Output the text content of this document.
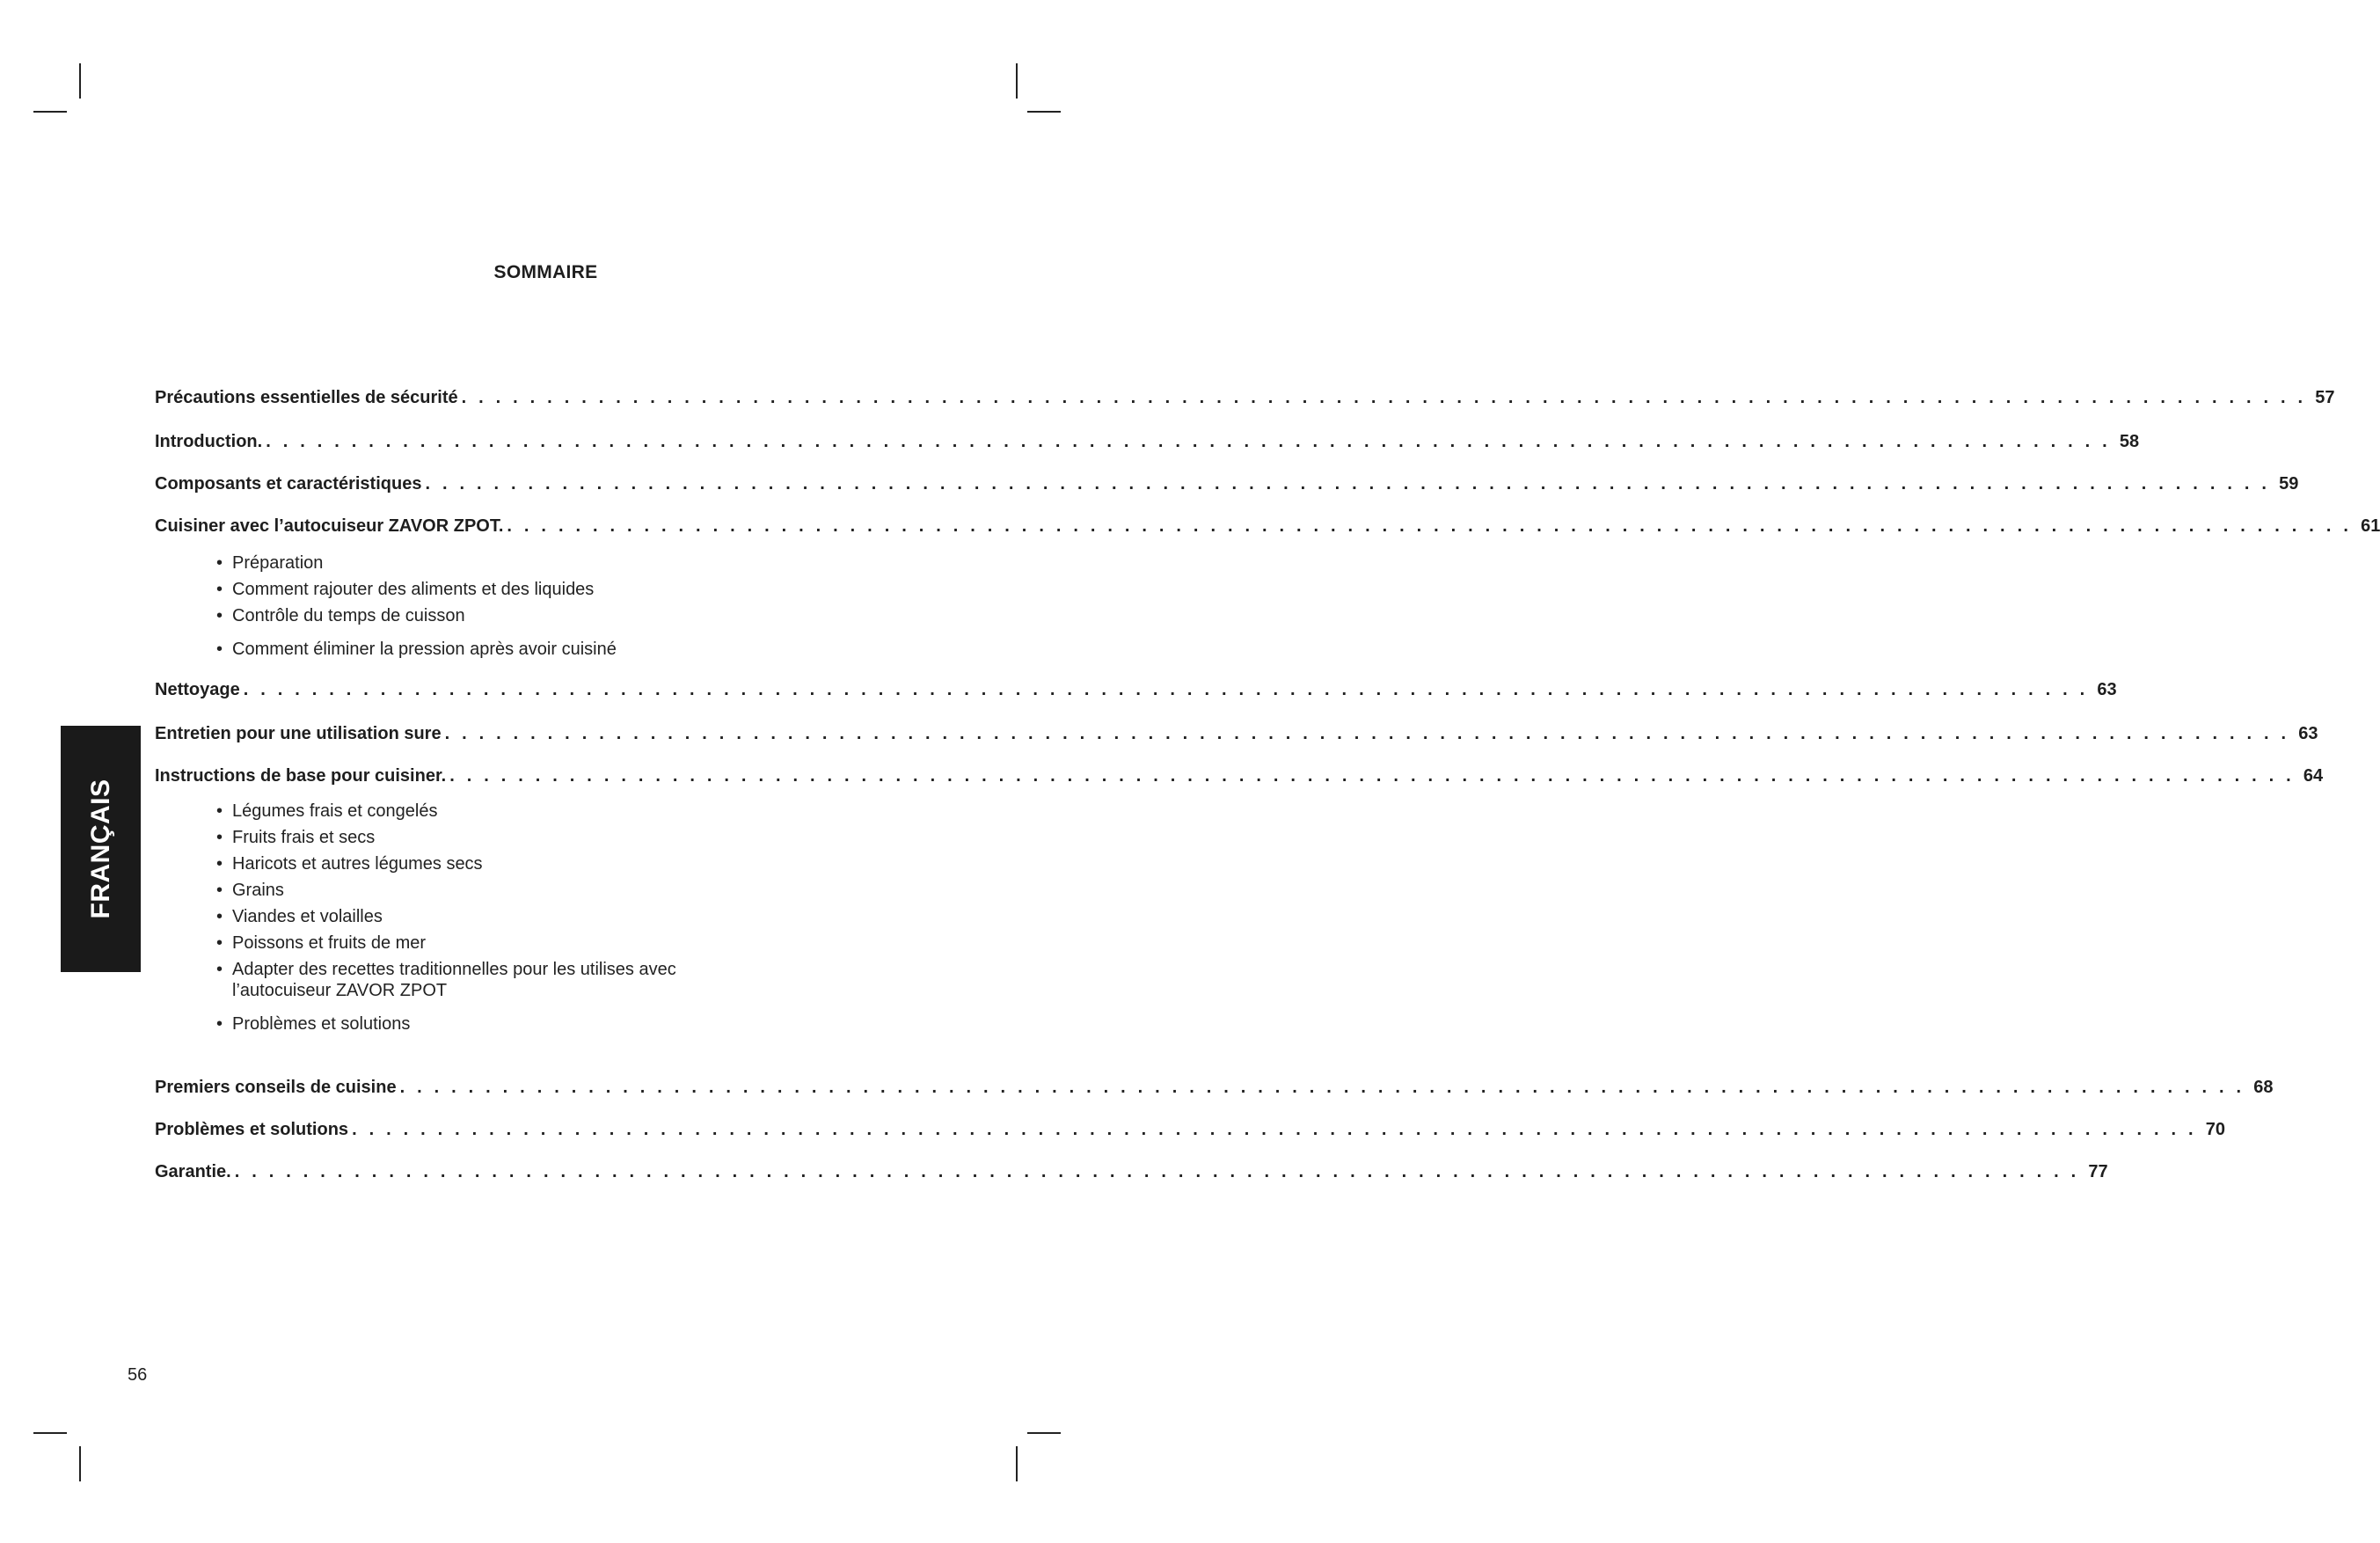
SOMMAIRE
Précautions essentielles de sécurité . . . . . . . . . . . . . . . . . . . . . . . . . . . . . . . . . . . . . . . . . . . . . . . . . . . . . . . . . . . . . . . . . . . . . . . . . . . . . . . . . . . . . . . . . . . . . . . . . . . . . . . . . . . . 57
Introduction. . . . . . . . . . . . . . . . . . . . . . . . . . . . . . . . . . . . . . . . . . . . . . . . . . . . . . . . . . . . . . . . . . . . . . . . . . . . . . . . . . . . . . . . . . . . . . . . . . . . . . . . . . . . . 58
Composants et caractéristiques . . . . . . . . . . . . . . . . . . . . . . . . . . . . . . . . . . . . . . . . . . . . . . . . . . . . . . . . . . . . . . . . . . . . . . . . . . . . . . . . . . . . . . . . . . . . . . . . . . . . . . . . . . . . 59
Cuisiner avec l’autocuiseur ZAVOR ZPOT. . . . . . . . . . . . . . . . . . . . . . . . . . . . . . . . . . . . . . . . . . . . . . . . . . . . . . . . . . . . . . . . . . . . . . . . . . . . . . . . . . . . . . . . . . . . . . . . . . . . . . . . . . . . . 61
• Préparation
• Comment rajouter des aliments et des liquides
• Contrôle du temps de cuisson
• Comment éliminer la pression après avoir cuisiné
Nettoyage . . . . . . . . . . . . . . . . . . . . . . . . . . . . . . . . . . . . . . . . . . . . . . . . . . . . . . . . . . . . . . . . . . . . . . . . . . . . . . . . . . . . . . . . . . . . . . . . . . . . . . . . . . . . 63
Entretien pour une utilisation sure . . . . . . . . . . . . . . . . . . . . . . . . . . . . . . . . . . . . . . . . . . . . . . . . . . . . . . . . . . . . . . . . . . . . . . . . . . . . . . . . . . . . . . . . . . . . . . . . . . . . . . . . . . . . 63
Instructions de base pour cuisiner. . . . . . . . . . . . . . . . . . . . . . . . . . . . . . . . . . . . . . . . . . . . . . . . . . . . . . . . . . . . . . . . . . . . . . . . . . . . . . . . . . . . . . . . . . . . . . . . . . . . . . . . . . . . . 64
• Légumes frais et congelés
• Fruits frais et secs
• Haricots et autres légumes secs
• Grains
• Viandes et volailles
• Poissons et fruits de mer
• Adapter des recettes traditionnelles pour les utilises avec
l’autocuiseur ZAVOR ZPOT
• Problèmes et solutions
Premiers conseils de cuisine . . . . . . . . . . . . . . . . . . . . . . . . . . . . . . . . . . . . . . . . . . . . . . . . . . . . . . . . . . . . . . . . . . . . . . . . . . . . . . . . . . . . . . . . . . . . . . . . . . . . . . . . . . . . 68
Problèmes et solutions . . . . . . . . . . . . . . . . . . . . . . . . . . . . . . . . . . . . . . . . . . . . . . . . . . . . . . . . . . . . . . . . . . . . . . . . . . . . . . . . . . . . . . . . . . . . . . . . . . . . . . . . . . . . 70
Garantie. . . . . . . . . . . . . . . . . . . . . . . . . . . . . . . . . . . . . . . . . . . . . . . . . . . . . . . . . . . . . . . . . . . . . . . . . . . . . . . . . . . . . . . . . . . . . . . . . . . . . . . . . . . . . 77
FRANÇAIS
56
